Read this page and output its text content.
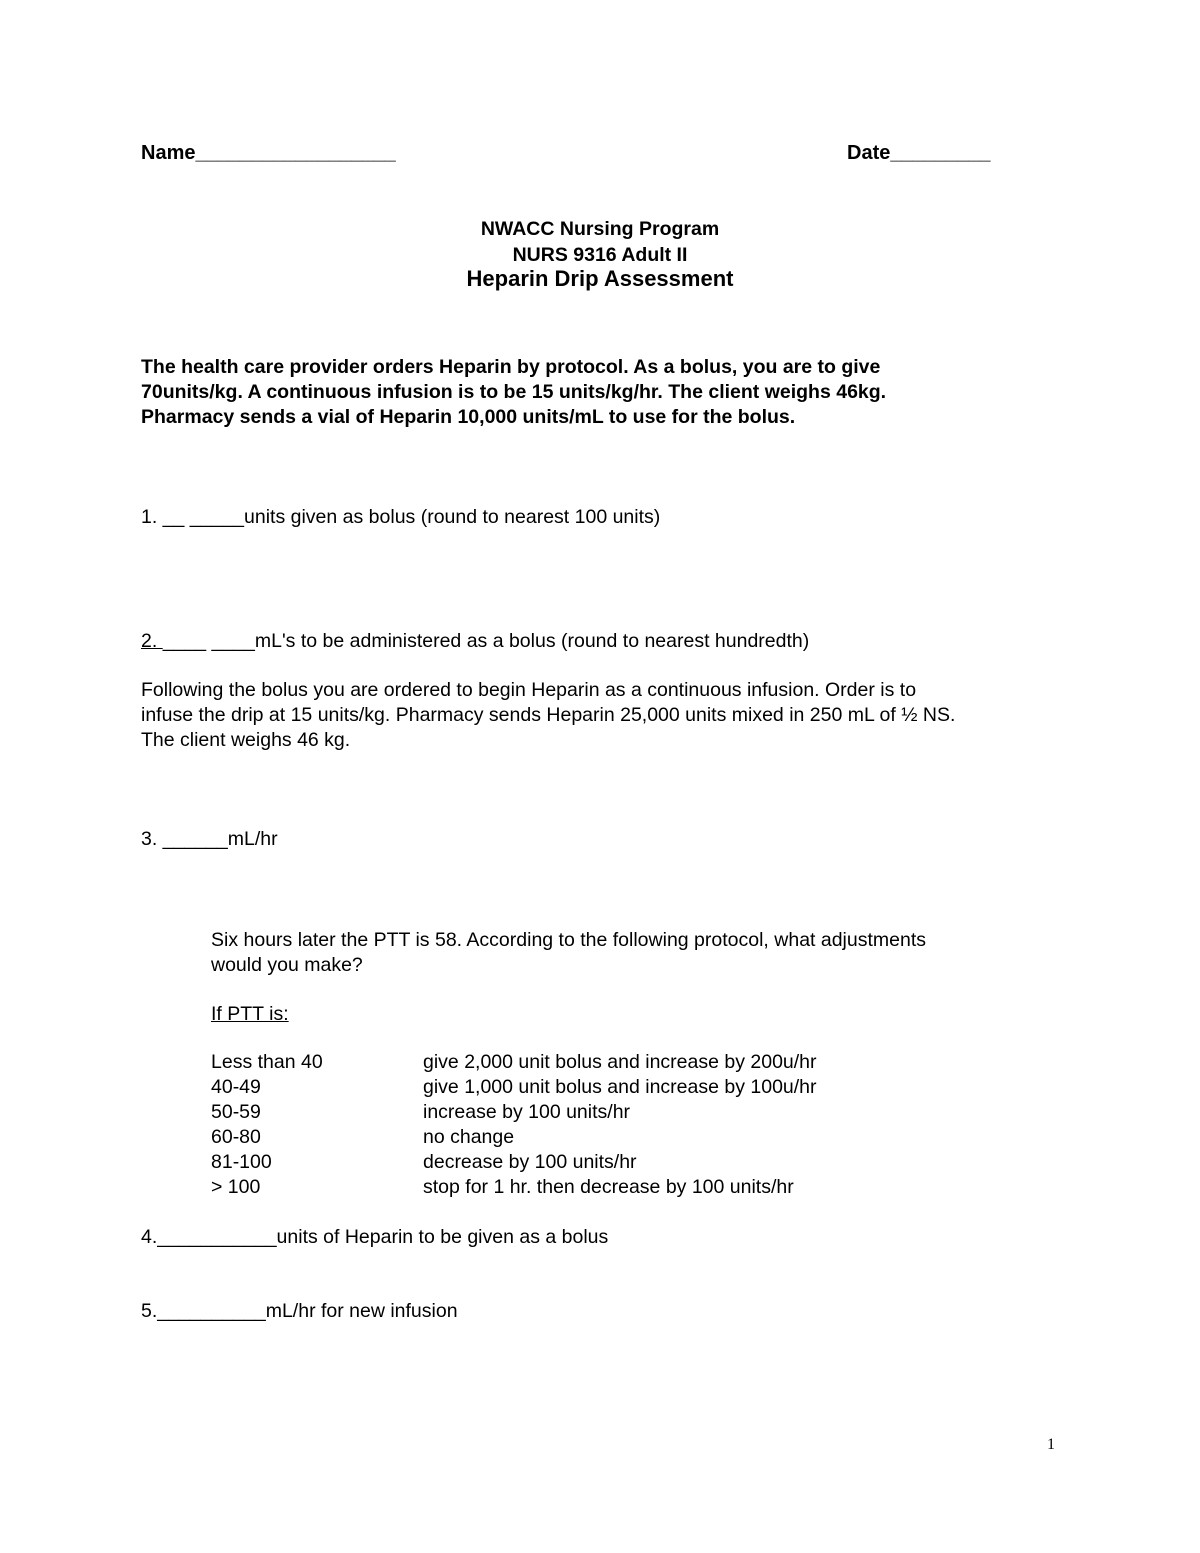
Name__________________	Date_________
NWACC Nursing Program
NURS 9316 Adult II
Heparin Drip Assessment
The health care provider orders Heparin by protocol. As a bolus, you are to give
70units/kg. A continuous infusion is to be 15 units/kg/hr. The client weighs 46kg.
Pharmacy sends a vial of Heparin 10,000 units/mL to use for the bolus.
1. __ _____units given as bolus (round to nearest 100 units)
2. ____ ____mL's to be administered as a bolus (round to nearest hundredth)
Following the bolus you are ordered to begin Heparin as a continuous infusion. Order is to
infuse the drip at 15 units/kg. Pharmacy sends Heparin 25,000 units mixed in 250 mL of ½ NS.
The client weighs 46 kg.
3. ______mL/hr
Six hours later the PTT is 58. According to the following protocol, what adjustments
would you make?
If PTT is:
Less than 40	give 2,000 unit bolus and increase by 200u/hr
40-49	give 1,000 unit bolus and increase by 100u/hr
50-59	increase by 100 units/hr
60-80	no change
81-100	decrease by 100 units/hr
> 100	stop for 1 hr. then decrease by 100 units/hr
4.___________units of Heparin to be given as a bolus
5.__________mL/hr for new infusion
1
